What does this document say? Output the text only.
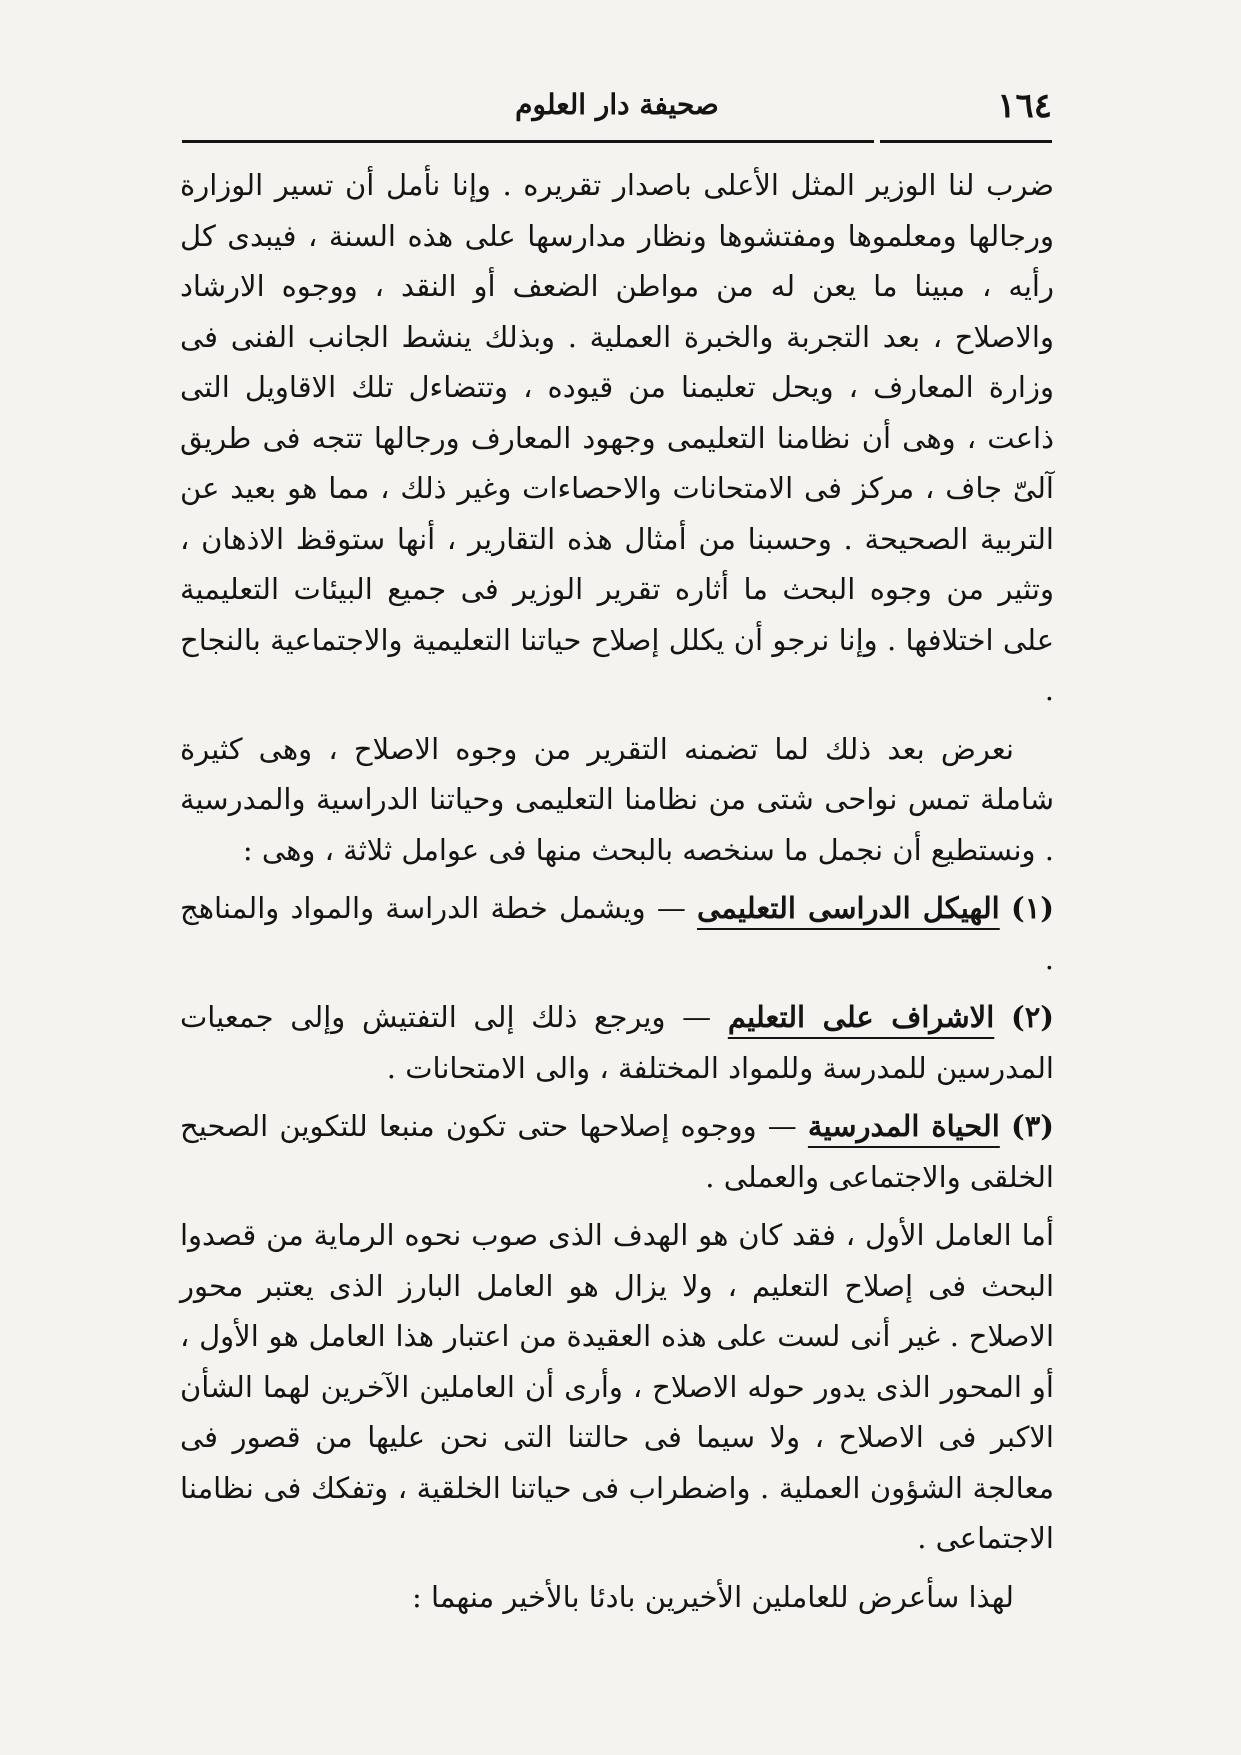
١٦٤
صحيفة دار العلوم

ضرب لنا الوزير المثل الأعلى باصدار تقريره . وإنا نأمل أن تسير الوزارة ورجالها ومعلموها ومفتشوها ونظار مدارسها على هذه السنة ، فيبدى كل رأيه ، مبينا ما يعن له من مواطن الضعف أو النقد ، ووجوه الارشاد والاصلاح ، بعد التجربة والخبرة العملية . وبذلك ينشط الجانب الفنى فى وزارة المعارف ، ويحل تعليمنا من قيوده ، وتتضاءل تلك الاقاويل التى ذاعت ، وهى أن نظامنا التعليمى وجهود المعارف ورجالها تتجه فى طريق آلىّ جاف ، مركز فى الامتحانات والاحصاءات وغير ذلك ، مما هو بعيد عن التربية الصحيحة . وحسبنا من أمثال هذه التقارير ، أنها ستوقظ الاذهان ، وتثير من وجوه البحث ما أثاره تقرير الوزير فى جميع البيئات التعليمية على اختلافها . وإنا نرجو أن يكلل إصلاح حياتنا التعليمية والاجتماعية بالنجاح .

نعرض بعد ذلك لما تضمنه التقرير من وجوه الاصلاح ، وهى كثيرة شاملة تمس نواحى شتى من نظامنا التعليمى وحياتنا الدراسية والمدرسية . ونستطيع أن نجمل ما سنخصه بالبحث منها فى عوامل ثلاثة ، وهى :

(١) الهيكل الدراسى التعليمى — ويشمل خطة الدراسة والمواد والمناهج .

(٢) الاشراف على التعليم — ويرجع ذلك إلى التفتيش وإلى جمعيات المدرسين للمدرسة وللمواد المختلفة ، والى الامتحانات .

(٣) الحياة المدرسية — ووجوه إصلاحها حتى تكون منبعا للتكوين الصحيح الخلقى والاجتماعى والعملى .

أما العامل الأول ، فقد كان هو الهدف الذى صوب نحوه الرماية من قصدوا البحث فى إصلاح التعليم ، ولا يزال هو العامل البارز الذى يعتبر محور الاصلاح . غير أنى لست على هذه العقيدة من اعتبار هذا العامل هو الأول ، أو المحور الذى يدور حوله الاصلاح ، وأرى أن العاملين الآخرين لهما الشأن الاكبر فى الاصلاح ، ولا سيما فى حالتنا التى نحن عليها من قصور فى معالجة الشؤون العملية . واضطراب فى حياتنا الخلقية ، وتفكك فى نظامنا الاجتماعى .

لهذا سأعرض للعاملين الأخيرين بادئا بالأخير منهما :
